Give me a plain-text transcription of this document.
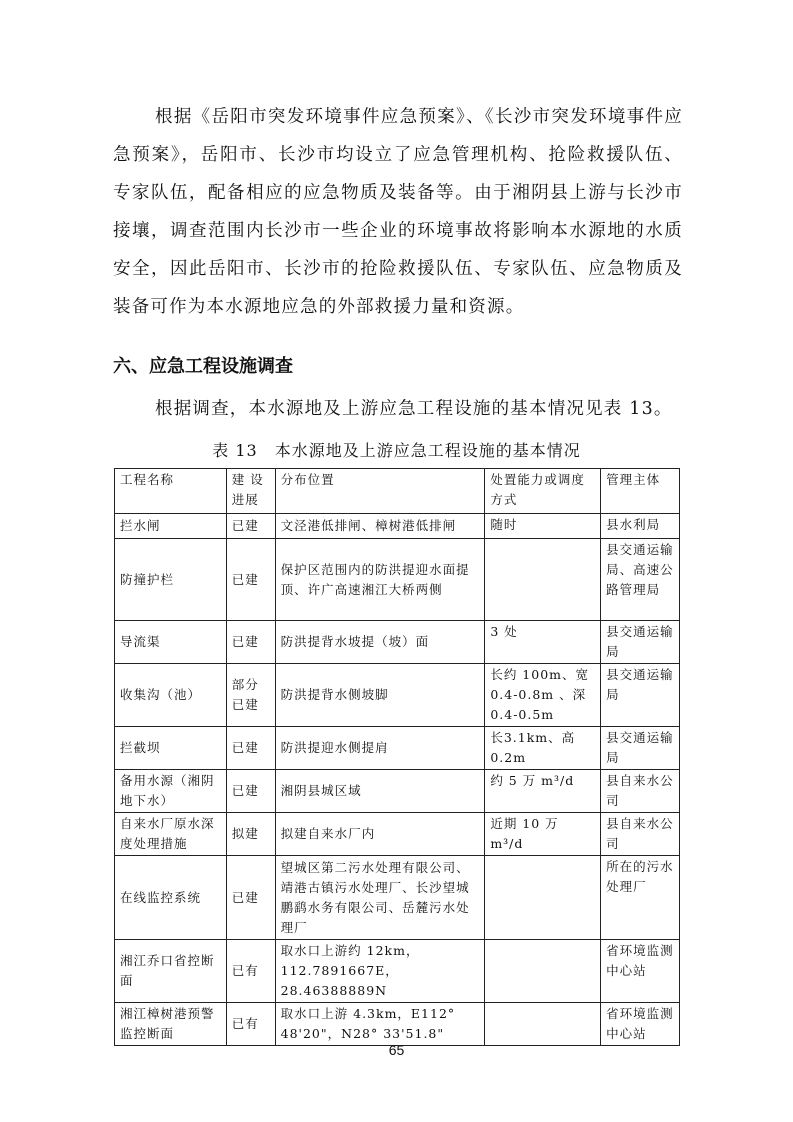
根据《岳阳市突发环境事件应急预案》、《长沙市突发环境事件应急预案》，岳阳市、长沙市均设立了应急管理机构、抢险救援队伍、专家队伍，配备相应的应急物质及装备等。由于湘阴县上游与长沙市接壤，调查范围内长沙市一些企业的环境事故将影响本水源地的水质安全，因此岳阳市、长沙市的抢险救援队伍、专家队伍、应急物质及装备可作为本水源地应急的外部救援力量和资源。
六、应急工程设施调查
根据调查，本水源地及上游应急工程设施的基本情况见表 13。
表 13　本水源地及上游应急工程设施的基本情况
工程名称	建 设 进展	分布位置	处置能力或调度方式	管理主体
拦水闸	已建	文泾港低排闸、樟树港低排闸	随时	县水利局
防撞护栏	已建	保护区范围内的防洪提迎水面提顶、许广高速湘江大桥两侧		县交通运输局、高速公路管理局
导流渠	已建	防洪提背水坡提（坡）面	3 处	县交通运输局
收集沟（池）	部分已建	防洪提背水侧坡脚	长约 100m、宽 0.4-0.8m 、深 0.4-0.5m	县交通运输局
拦截坝	已建	防洪提迎水侧提肩	长3.1km、高0.2m	县交通运输局
备用水源（湘阴地下水）	已建	湘阴县城区域	约 5 万 m³/d	县自来水公司
自来水厂原水深度处理措施	拟建	拟建自来水厂内	近期 10 万 m³/d	县自来水公司
在线监控系统	已建	望城区第二污水处理有限公司、靖港古镇污水处理厂、长沙望城鹏鹞水务有限公司、岳麓污水处理厂		所在的污水处理厂
湘江乔口省控断面	已有	取水口上游约 12km，112.7891667E，28.46388889N		省环境监测中心站
湘江樟树港预警监控断面	已有	取水口上游 4.3km，E112° 48'20"，N28° 33'51.8"		省环境监测中心站
65
